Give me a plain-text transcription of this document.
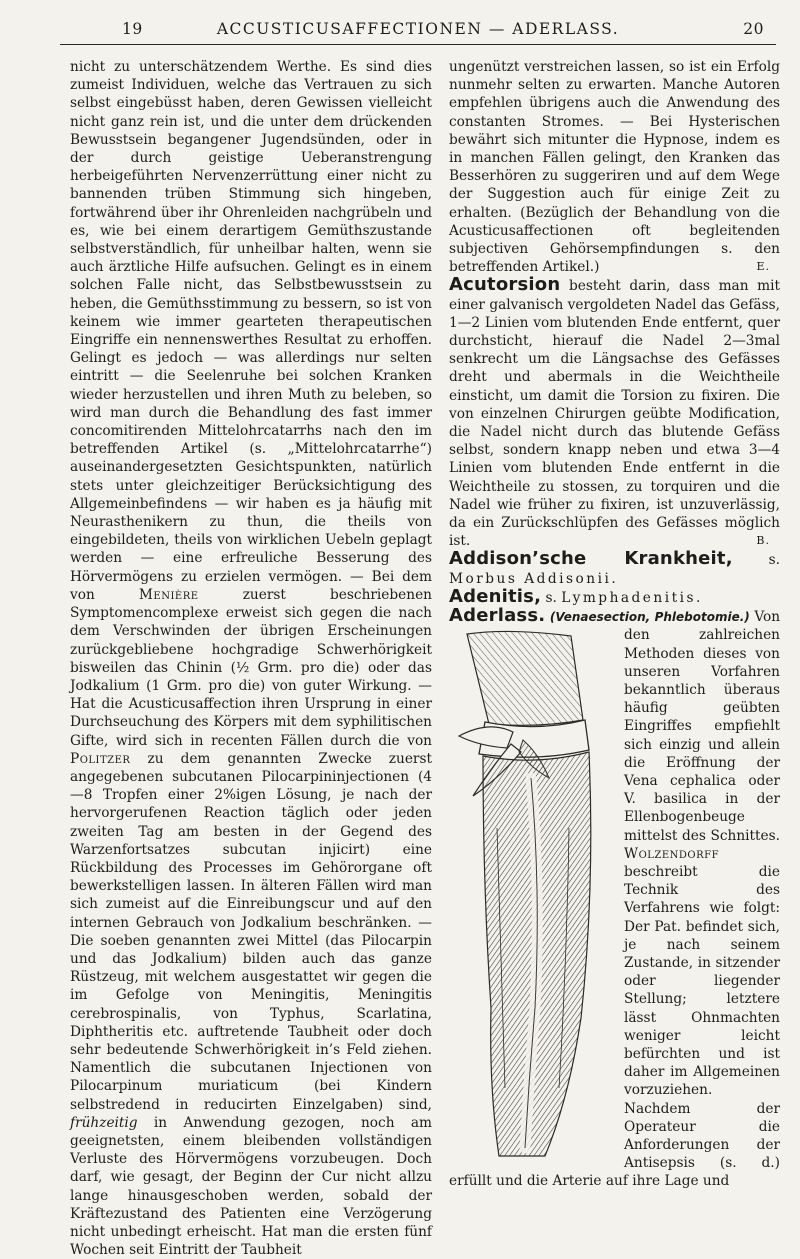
19	ACCUSTICUSAFFECTIONEN — ADERLASS.	20

nicht zu unterschätzendem Werthe. Es sind dies zumeist Individuen, welche das Vertrauen zu sich selbst eingebüsst haben, deren Gewissen vielleicht nicht ganz rein ist, und die unter dem drückenden Bewusstsein begangener Jugendsünden, oder in der durch geistige Ueberanstrengung herbeigeführten Nervenzerrüttung einer nicht zu bannenden trüben Stimmung sich hingeben, fortwährend über ihr Ohrenleiden nachgrübeln und es, wie bei einem derartigem Gemüthszustande selbstverständlich, für unheilbar halten, wenn sie auch ärztliche Hilfe aufsuchen. Gelingt es in einem solchen Falle nicht, das Selbstbewusstsein zu heben, die Gemüthsstimmung zu bessern, so ist von keinem wie immer gearteten therapeutischen Eingriffe ein nennenswerthes Resultat zu erhoffen. Gelingt es jedoch — was allerdings nur selten eintritt — die Seelenruhe bei solchen Kranken wieder herzustellen und ihren Muth zu beleben, so wird man durch die Behandlung des fast immer concomitirenden Mittelohrcatarrhs nach den im betreffenden Artikel (s. „Mittelohrcatarrhe“) auseinandergesetzten Gesichtspunkten, natürlich stets unter gleichzeitiger Berücksichtigung des Allgemeinbefindens — wir haben es ja häufig mit Neurasthenikern zu thun, die theils von eingebildeten, theils von wirklichen Uebeln geplagt werden — eine erfreuliche Besserung des Hörvermögens zu erzielen vermögen. — Bei dem von	Menière	zuerst beschriebenen Symptomencomplexe erweist sich gegen die nach dem Verschwinden der übrigen Erscheinungen zurückgebliebene hochgradige Schwerhörigkeit bisweilen das Chinin (½ Grm. pro die) oder das Jodkalium (1 Grm. pro die) von guter Wirkung. — Hat die Acusticusaffection ihren Ursprung in einer Durchseuchung des Körpers mit dem syphilitischen Gifte, wird sich in recenten Fällen durch die von Politzer zu dem genannten Zwecke zuerst angegebenen subcutanen Pilocarpininjectionen (4—8 Tropfen einer 2%igen Lösung, je nach der hervorgerufenen Reaction täglich oder jeden zweiten Tag am besten in der Gegend des Warzenfortsatzes subcutan injicirt) eine Rückbildung des Processes im Gehörorgane oft bewerkstelligen lassen. In älteren Fällen wird man sich zumeist auf die Einreibungscur und auf den internen Gebrauch von Jodkalium beschränken. — Die soeben genannten zwei Mittel (das Pilocarpin und das Jodkalium) bilden auch das ganze Rüstzeug, mit welchem ausgestattet wir gegen die im Gefolge von Meningitis, Meningitis cerebrospinalis, von Typhus, Scarlatina, Diphtheritis etc. auftretende Taubheit oder doch sehr bedeutende Schwerhörigkeit in’s Feld ziehen. Namentlich die subcutanen Injectionen von Pilocarpinum muriaticum (bei Kindern selbstredend in reducirten Einzelgaben) sind, frühzeitig in Anwendung gezogen, noch am geeignetsten, einem bleibenden vollständigen Verluste des Hörvermögens vorzubeugen. Doch darf, wie gesagt, der Beginn der Cur nicht allzu lange hinausgeschoben werden, sobald der Kräftezustand des Patienten eine Verzögerung nicht unbedingt erheischt. Hat man die ersten fünf Wochen seit Eintritt der Taubheit

ungenützt verstreichen lassen, so ist ein Erfolg nunmehr selten zu erwarten. Manche Autoren empfehlen übrigens auch die Anwendung des constanten Stromes. — Bei Hysterischen bewährt sich mitunter die Hypnose, indem es in manchen Fällen gelingt, den Kranken das Besserhören zu suggeriren und auf dem Wege der Suggestion auch für einige Zeit zu erhalten. (Bezüglich der Behandlung von die Acusticusaffectionen oft begleitenden subjectiven Gehörsempfindungen s. den betreffenden Artikel.)	E.

Acutorsion besteht darin, dass man mit einer galvanisch vergoldeten Nadel das Gefäss, 1—2 Linien vom blutenden Ende entfernt, quer durchsticht, hierauf die Nadel 2—3mal senkrecht um die Längsachse des Gefässes dreht und abermals in die Weichtheile einsticht, um damit die Torsion zu fixiren. Die von einzelnen Chirurgen geübte Modification, die Nadel nicht durch das blutende Gefäss selbst, sondern knapp neben und etwa 3—4 Linien vom blutenden Ende entfernt in die Weichtheile zu stossen, zu torquiren und die Nadel wie früher zu fixiren, ist unzuverlässig, da ein Zurückschlüpfen des Gefässes möglich ist.	B.

Addison’sche Krankheit,	s. Morbus Addisonii.

Adenitis, s. Lymphadenitis.

Aderlass. (Venaesection, Phlebotomie.) Von den zahlreichen Methoden dieses von unseren Vorfahren bekanntlich überaus häufig geübten Eingriffes empfiehlt sich einzig und allein die Eröffnung der Vena cephalica oder V. basilica in der Ellenbogenbeuge mittelst des Schnittes. Wolzendorff beschreibt die Technik des Verfahrens wie folgt: Der Pat. befindet sich, je nach seinem Zustande, in sitzender oder liegender Stellung; letztere lässt Ohnmachten weniger leicht befürchten und ist daher im Allgemeinen vorzuziehen. Nachdem der Operateur die Anforderungen der Antisepsis (s. d.) erfüllt und die Arterie auf ihre Lage und
